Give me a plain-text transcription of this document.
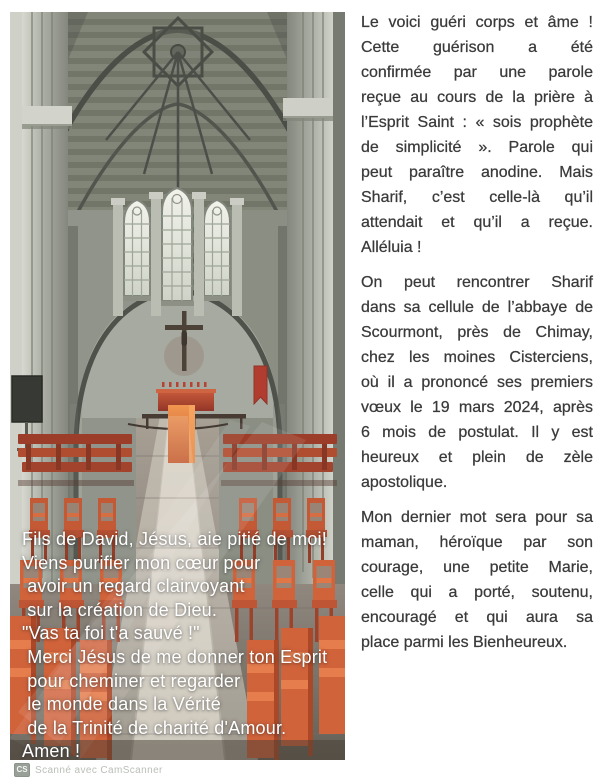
Fils de David, Jésus, aie pitié de moi!
Viens purifier mon cœur pour
avoir un regard clairvoyant
sur la création de Dieu.
"Vas ta foi t'a sauvé !"
Merci Jésus de me donner ton Esprit
pour cheminer et regarder
le monde dans la Vérité
de la Trinité de charité d'Amour.
Amen !
CS Scanné avec CamScanner
Le voici guéri corps et âme !
Cette guérison a été
confirmée par une parole
reçue au cours de la prière à
l’Esprit Saint : « sois prophète
de simplicité ». Parole qui
peut paraître anodine. Mais
Sharif, c’est celle-là qu’il
attendait et qu’il a reçue.
Alléluia !
On peut rencontrer Sharif
dans sa cellule de l’abbaye de
Scourmont, près de Chimay,
chez les moines Cisterciens,
où il a prononcé ses premiers
vœux le 19 mars 2024, après
6 mois de postulat. Il y est
heureux et plein de zèle
apostolique.
Mon dernier mot sera pour sa
maman, héroïque par son
courage, une petite Marie,
celle qui a porté, soutenu,
encouragé et qui aura sa
place parmi les Bienheureux.
